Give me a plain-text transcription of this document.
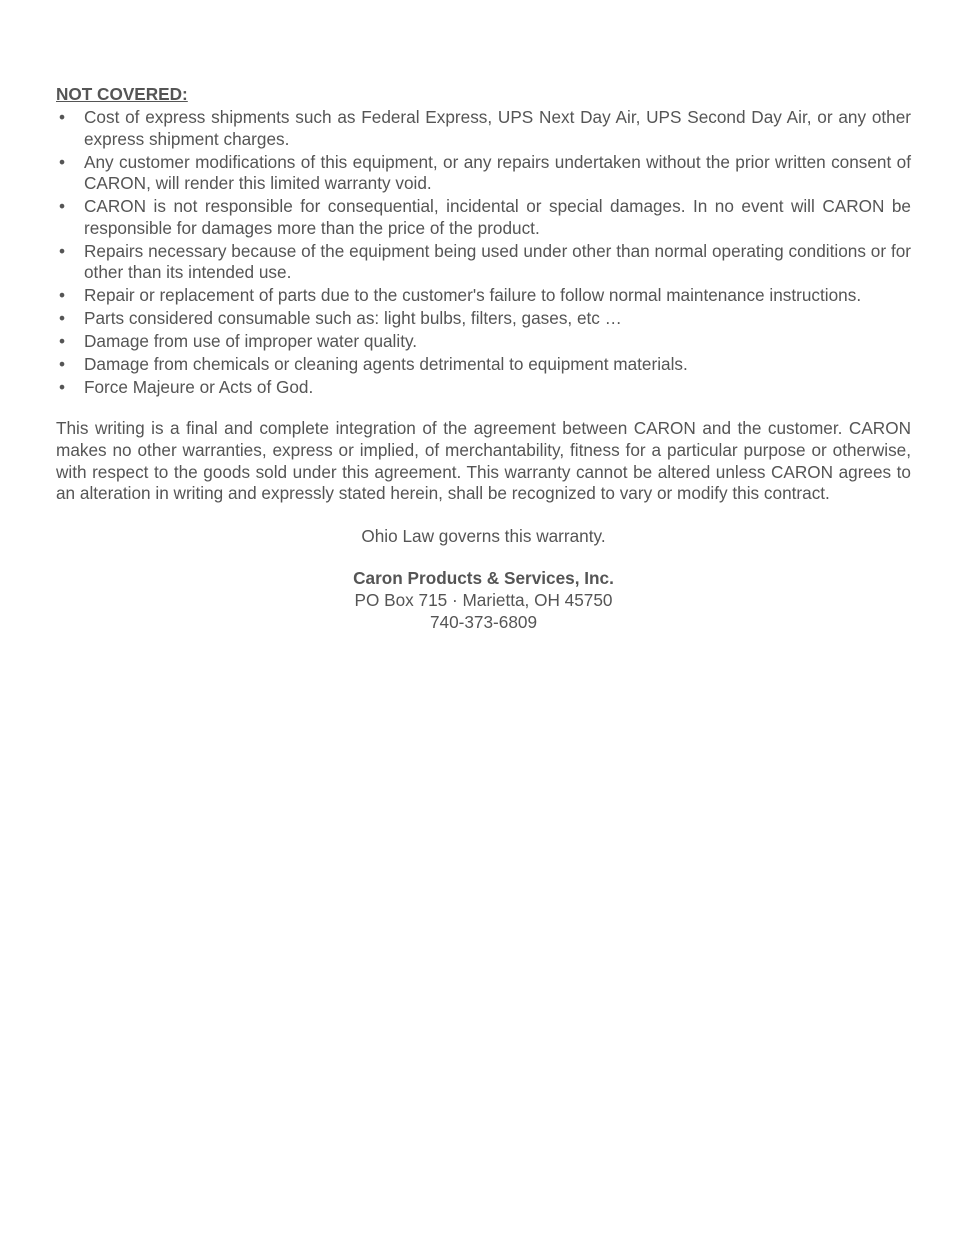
NOT COVERED:

• Cost of express shipments such as Federal Express, UPS Next Day Air, UPS Second Day Air, or any other express shipment charges.
• Any customer modifications of this equipment, or any repairs undertaken without the prior written consent of CARON, will render this limited warranty void.
• CARON is not responsible for consequential, incidental or special damages. In no event will CARON be responsible for damages more than the price of the product.
• Repairs necessary because of the equipment being used under other than normal operating conditions or for other than its intended use.
• Repair or replacement of parts due to the customer's failure to follow normal maintenance instructions.
• Parts considered consumable such as: light bulbs, filters, gases, etc …
• Damage from use of improper water quality.
• Damage from chemicals or cleaning agents detrimental to equipment materials.
• Force Majeure or Acts of God.

This writing is a final and complete integration of the agreement between CARON and the customer. CARON makes no other warranties, express or implied, of merchantability, fitness for a particular purpose or otherwise, with respect to the goods sold under this agreement. This warranty cannot be altered unless CARON agrees to an alteration in writing and expressly stated herein, shall be recognized to vary or modify this contract.

Ohio Law governs this warranty.
Caron Products & Services, Inc.
PO Box 715 · Marietta, OH 45750
740-373-6809
